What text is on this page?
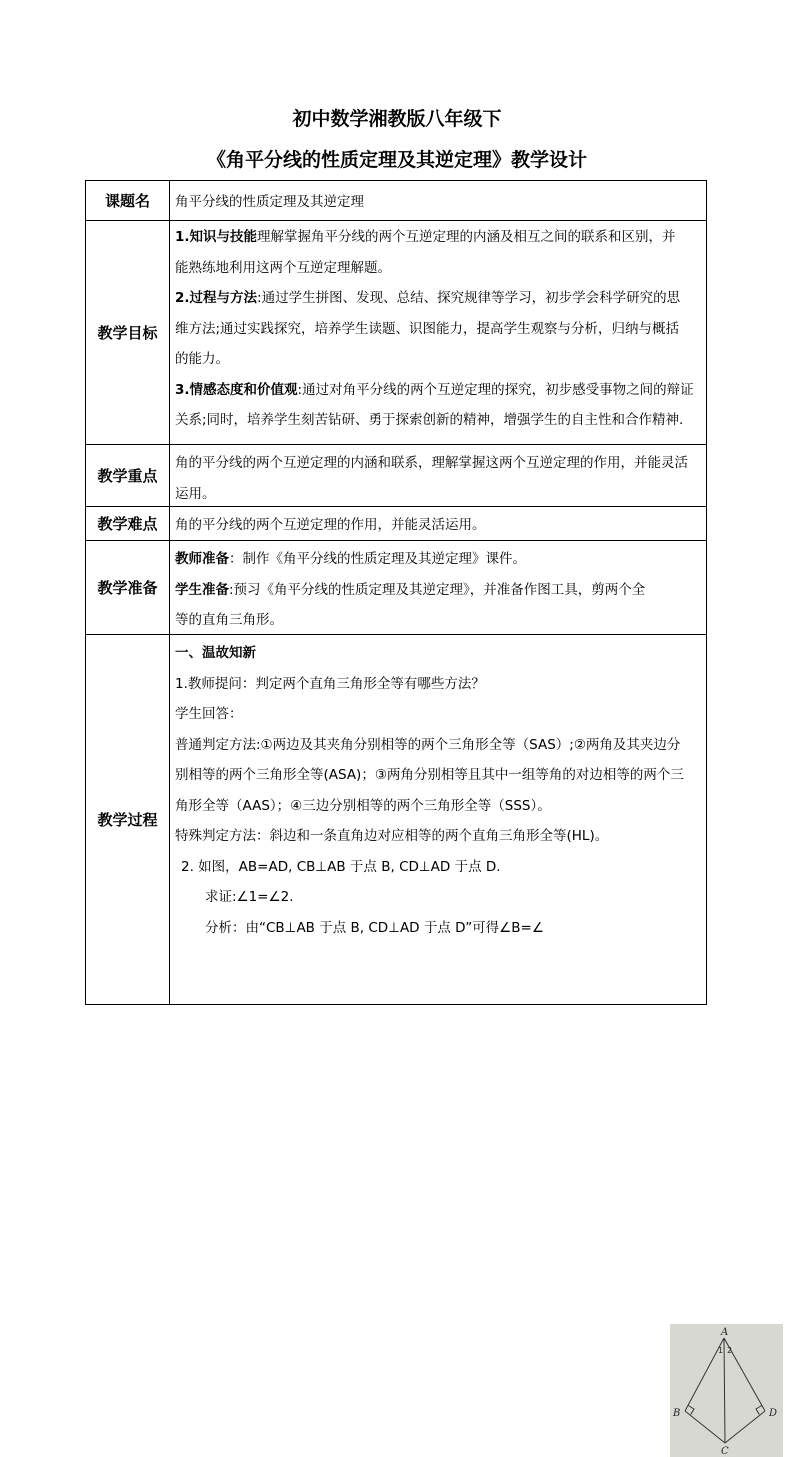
初中数学湘教版八年级下
《角平分线的性质定理及其逆定理》教学设计
课题名	角平分线的性质定理及其逆定理
教学目标

1.知识与技能理解掌握角平分线的两个互逆定理的内涵及相互之间的联系和区别，并

能熟练地利用这两个互逆定理解题。

2.过程与方法:通过学生拼图、发现、总结、探究规律等学习，初步学会科学研究的思

维方法;通过实践探究，培养学生读题、识图能力，提高学生观察与分析，归纳与概括

的能力。

3.情感态度和价值观:通过对角平分线的两个互逆定理的探究，初步感受事物之间的辩证

关系;同时，培养学生刻苦钻研、勇于探索创新的精神，增强学生的自主性和合作精神.

教学重点

角的平分线的两个互逆定理的内涵和联系，理解掌握这两个互逆定理的作用，并能灵活

运用。

教学难点	角的平分线的两个互逆定理的作用，并能灵活运用。
教学准备

教师准备：制作《角平分线的性质定理及其逆定理》课件。

学生准备:预习《角平分线的性质定理及其逆定理》，并准备作图工具，剪两个全

等的直角三角形。

教学过程

一、温故知新

1.教师提问：判定两个直角三角形全等有哪些方法？

学生回答：

普通判定方法:①两边及其夹角分别相等的两个三角形全等（SAS）;②两角及其夹边分

别相等的两个三角形全等(ASA)；③两角分别相等且其中一组等角的对边相等的两个三

角形全等（AAS）；④三边分别相等的两个三角形全等（SSS）。

特殊判定方法：斜边和一条直角边对应相等的两个直角三角形全等(HL)。

2. 如图，AB=AD, CB⊥AB 于点 B, CD⊥AD 于点 D.

求证:∠1=∠2.

分析：由“CB⊥AB 于点 B, CD⊥AD 于点 D”可得∠B=∠

A
B
C
D
1 2
